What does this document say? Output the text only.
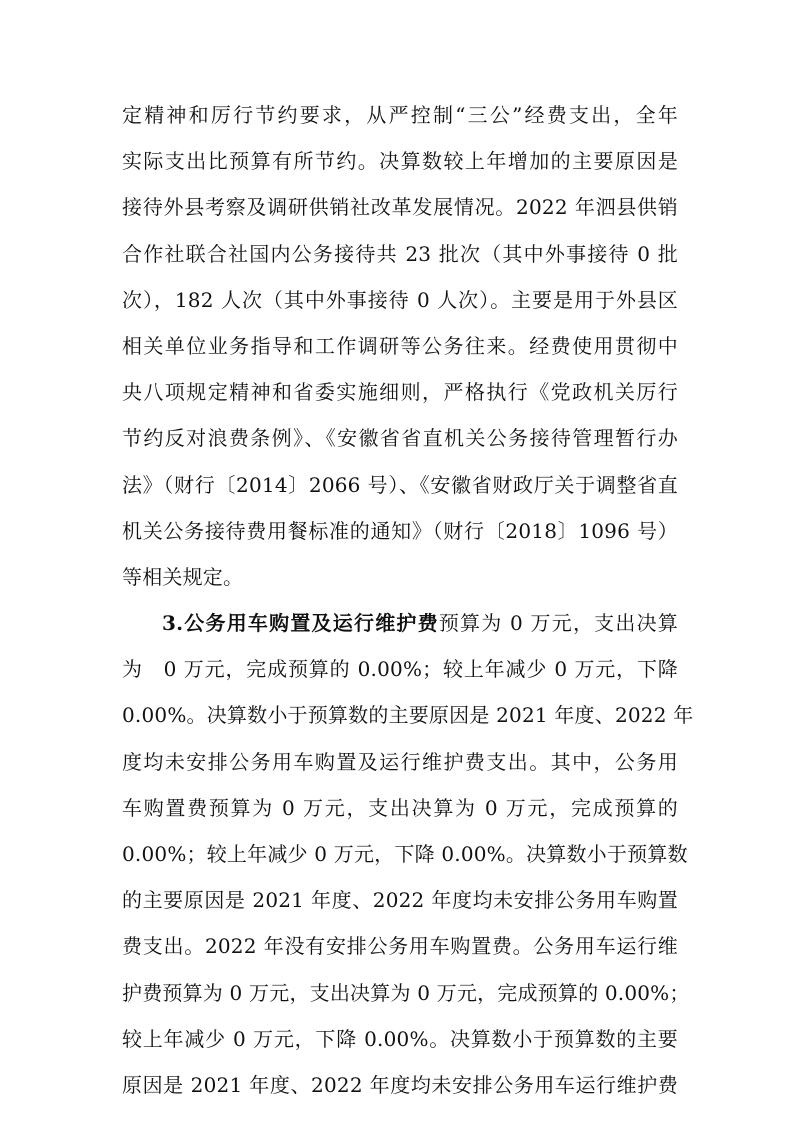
定精神和厉行节约要求，从严控制“三公”经费支出，全年
实际支出比预算有所节约。决算数较上年增加的主要原因是
接待外县考察及调研供销社改革发展情况。2022 年泗县供销
合作社联合社国内公务接待共 23 批次（其中外事接待 0 批
次），182 人次（其中外事接待 0 人次）。主要是用于外县区
相关单位业务指导和工作调研等公务往来。经费使用贯彻中
央八项规定精神和省委实施细则，严格执行《党政机关厉行
节约反对浪费条例》、《安徽省省直机关公务接待管理暂行办
法》（财行〔2014〕2066 号）、《安徽省财政厅关于调整省直
机关公务接待费用餐标准的通知》（财行〔2018〕1096 号）
等相关规定。
3.公务用车购置及运行维护费预算为 0 万元，支出决算
为　0 万元，完成预算的 0.00%；较上年减少 0 万元，下降
0.00%。决算数小于预算数的主要原因是 2021 年度、2022 年
度均未安排公务用车购置及运行维护费支出。其中，公务用
车购置费预算为 0 万元，支出决算为 0 万元，完成预算的
0.00%；较上年减少 0 万元，下降 0.00%。决算数小于预算数
的主要原因是 2021 年度、2022 年度均未安排公务用车购置
费支出。2022 年没有安排公务用车购置费。公务用车运行维
护费预算为 0 万元，支出决算为 0 万元，完成预算的 0.00%；
较上年减少 0 万元，下降 0.00%。决算数小于预算数的主要
原因是 2021 年度、2022 年度均未安排公务用车运行维护费
